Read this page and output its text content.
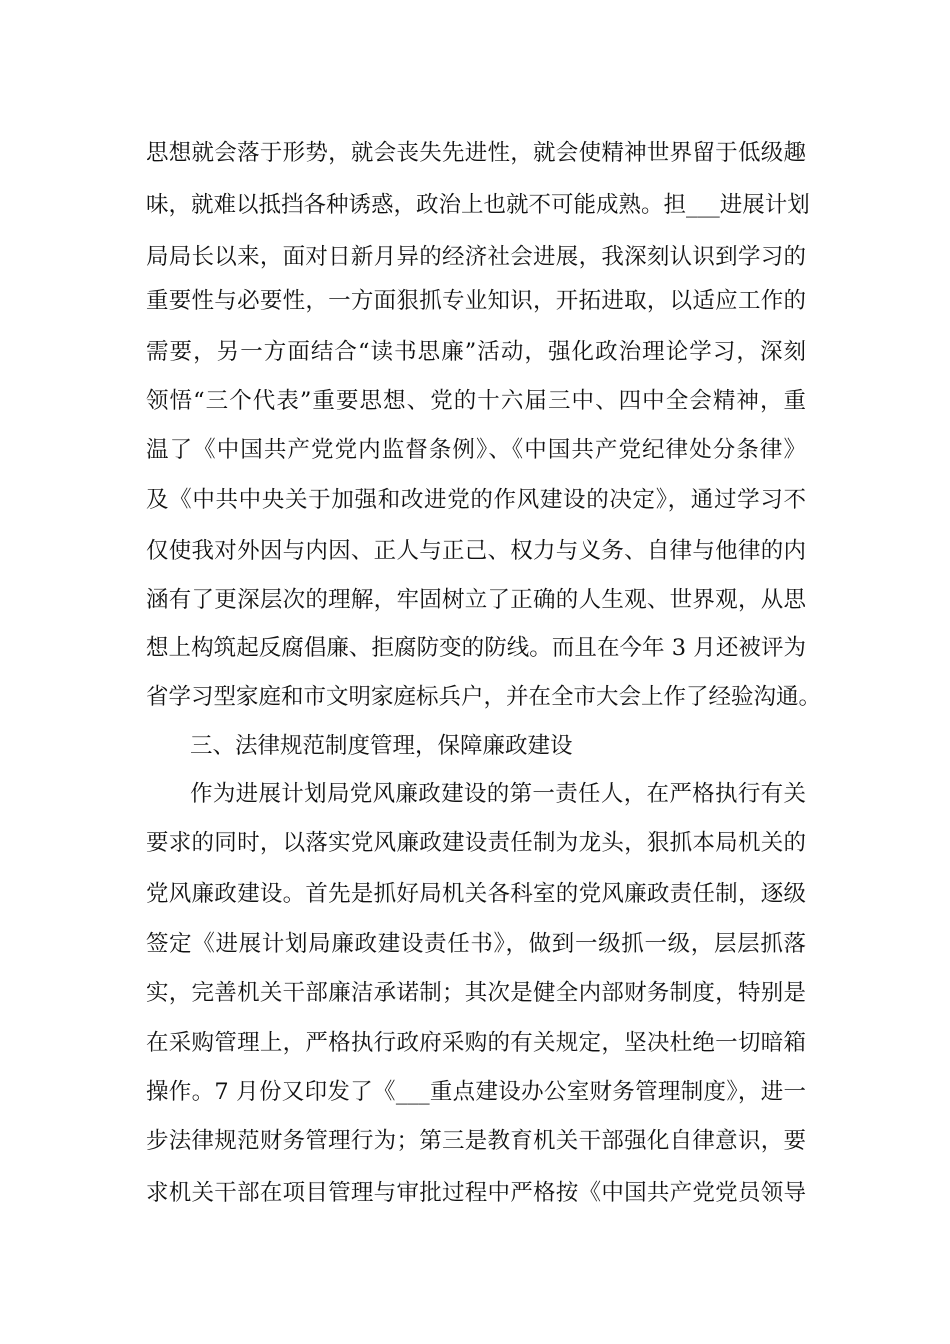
思想就会落于形势，就会丧失先进性，就会使精神世界留于低级趣
味，就难以抵挡各种诱惑，政治上也就不可能成熟。担___进展计划
局局长以来，面对日新月异的经济社会进展，我深刻认识到学习的
重要性与必要性，一方面狠抓专业知识，开拓进取，以适应工作的
需要，另一方面结合“读书思廉”活动，强化政治理论学习，深刻
领悟“三个代表”重要思想、党的十六届三中、四中全会精神，重
温了《中国共产党党内监督条例》、《中国共产党纪律处分条律》
及《中共中央关于加强和改进党的作风建设的决定》，通过学习不
仅使我对外因与内因、正人与正己、权力与义务、自律与他律的内
涵有了更深层次的理解，牢固树立了正确的人生观、世界观，从思
想上构筑起反腐倡廉、拒腐防变的防线。而且在今年 3 月还被评为
省学习型家庭和市文明家庭标兵户，并在全市大会上作了经验沟通。
三、法律规范制度管理，保障廉政建设
作为进展计划局党风廉政建设的第一责任人，在严格执行有关
要求的同时，以落实党风廉政建设责任制为龙头，狠抓本局机关的
党风廉政建设。首先是抓好局机关各科室的党风廉政责任制，逐级
签定《进展计划局廉政建设责任书》，做到一级抓一级，层层抓落
实，完善机关干部廉洁承诺制；其次是健全内部财务制度，特别是
在采购管理上，严格执行政府采购的有关规定，坚决杜绝一切暗箱
操作。7 月份又印发了《___重点建设办公室财务管理制度》，进一
步法律规范财务管理行为；第三是教育机关干部强化自律意识，要
求机关干部在项目管理与审批过程中严格按《中国共产党党员领导
